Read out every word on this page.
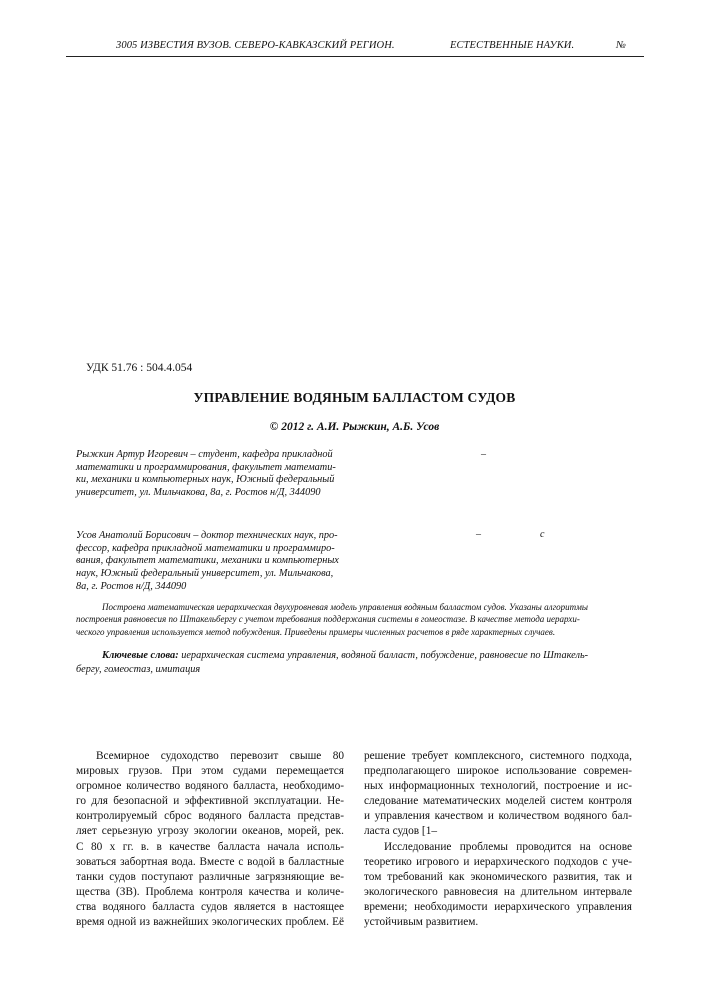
3005 ИЗВЕСТИЯ ВУЗОВ. СЕВЕРО-КАВКАЗСКИЙ РЕГИОН.	ЕСТЕСТВЕННЫЕ НАУКИ.	№
УДК 51.76 : 504.4.054
УПРАВЛЕНИЕ ВОДЯНЫМ БАЛЛАСТОМ СУДОВ
© 2012 г. А.И. Рыжкин, А.Б. Усов
Рыжкин Артур Игоревич – студент, кафедра прикладной
математики и программирования, факультет математи-
ки, механики и компьютерных наук, Южный федеральный
университет, ул. Мильчакова, 8а, г. Ростов н/Д, 344090
–
Усов Анатолий Борисович – доктор технических наук, про-
фессор, кафедра прикладной математики и программиро-
вания, факультет математики, механики и компьютерных
наук, Южный федеральный университет, ул. Мильчакова,
8а, г. Ростов н/Д, 344090
–	с
Построена математическая иерархическая двухуровневая модель управления водяным балластом судов. Указаны алгоритмы
построения равновесия по Штакельбергу с учетом требования поддержания системы в гомеостазе. В качестве метода иерархи-
ческого управления используется метод побуждения. Приведены примеры численных расчетов в ряде характерных случаев.
Ключевые слова: иерархическая система управления, водяной балласт, побуждение, равновесие по Штакель-
бергу, гомеостаз, имитация
Всемирное судоходство перевозит свыше 80
мировых грузов. При этом судами перемещается
огромное количество водяного балласта, необходимо-
го для безопасной и эффективной эксплуатации. Не-
контролируемый сброс водяного балласта представ-
ляет серьезную угрозу экологии океанов, морей, рек.
С 80 х гг. в. в качестве балласта начала исполь-
зоваться забортная вода. Вместе с водой в балластные
танки судов поступают различные загрязняющие ве-
щества (ЗВ). Проблема контроля качества и количе-
ства водяного балласта судов является в настоящее
время одной из важнейших экологических проблем. Её
решение требует комплексного, системного подхода,
предполагающего широкое использование современ-
ных информационных технологий, построение и ис-
следование математических моделей систем контроля
и управления качеством и количеством водяного бал-
ласта судов [1–
Исследование проблемы проводится на основе
теоретико игрового и иерархического подходов с уче-
том требований как экономического развития, так и
экологического равновесия на длительном интервале
времени; необходимости иерархического управления
устойчивым развитием.
